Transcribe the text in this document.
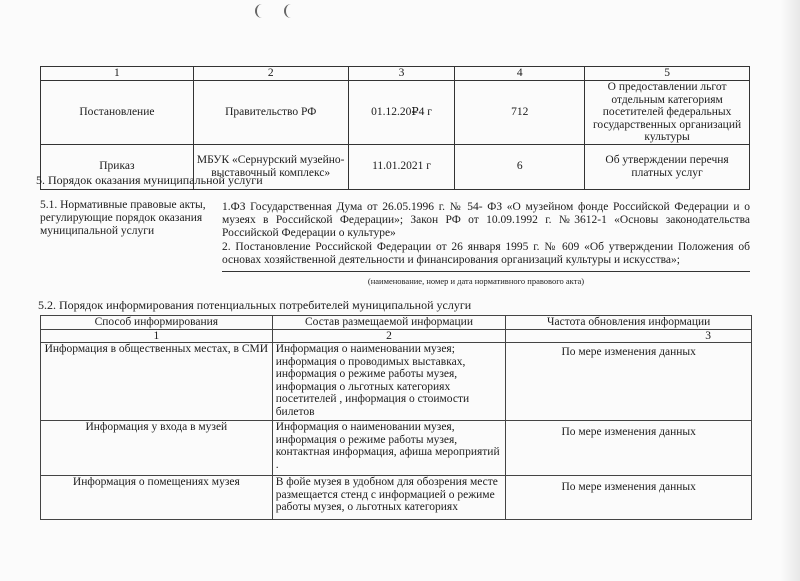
1	2	3	4	5
Постановление	Правительство РФ	01.12.20₽4 г	712	О предоставлении льгот отдельным категориям посетителей федеральных государственных организаций культуры
Приказ	МБУК «Сернурский музейно-выставочный комплекс»	11.01.2021 г	6	Об утверждении перечня платных услуг
5. Порядок оказания муниципальной услуги
5.1. Нормативные правовые акты, регулирующие порядок оказания муниципальной услуги
1.ФЗ Государственная Дума от 26.05.1996 г. № 54- ФЗ «О музейном фонде Российской Федерации и о музеях в Российской Федерации»; Закон РФ от 10.09.1992 г. №3612-1 «Основы законодательства Российской Федерации о культуре»
2. Постановление Российской Федерации от 26 января 1995 г. № 609 «Об утверждении Положения об основах хозяйственной деятельности и финансирования организаций культуры и искусства»;
(наименование, номер и дата нормативного правового акта)
5.2. Порядок информирования потенциальных потребителей муниципальной услуги
Способ информирования	Состав размещаемой информации	Частота обновления информации
1	2	3
Информация в общественных местах, в СМИ	Информация о наименовании музея; информация о проводимых выставках, информация о режиме работы музея, информация о льготных категориях посетителей , информация о стоимости билетов	По мере изменения данных
Информация у входа в музей	Информация о наименовании музея, информация о режиме работы музея, контактная информация, афиша мероприятий .	По мере изменения данных
Информация о помещениях музея	В фойе музея в удобном для обозрения месте размещается стенд с информацией о режиме работы музея, о льготных категориях	По мере изменения данных
